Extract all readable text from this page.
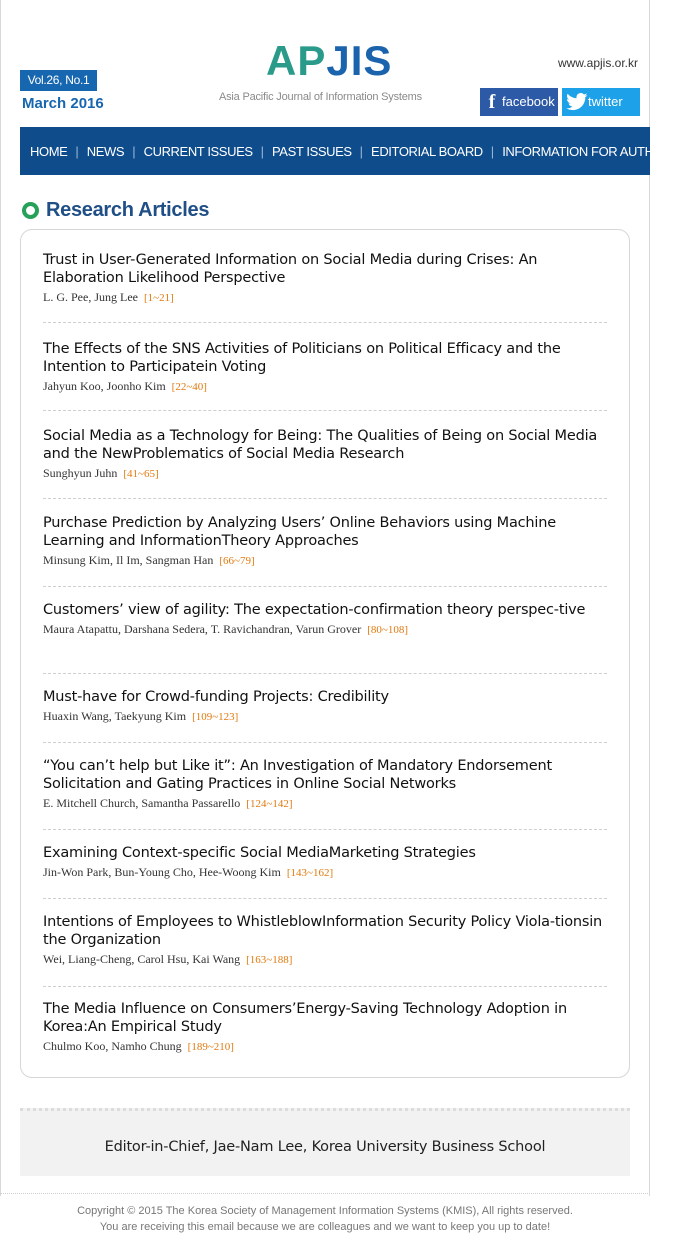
Vol.26, No.1
March 2016
APJIS
Asia Pacific Journal of Information Systems
www.apjis.or.kr
f facebook	twitter
HOME | NEWS | CURRENT ISSUES | PAST ISSUES | EDITORIAL BOARD | INFORMATION FOR AUTHORS
Research Articles
Trust in User-Generated Information on Social Media during Crises: An Elaboration Likelihood Perspective
L. G. Pee, Jung Lee [1~21]
The Effects of the SNS Activities of Politicians on Political Efficacy and the Intention to Participatein Voting
Jahyun Koo, Joonho Kim [22~40]
Social Media as a Technology for Being: The Qualities of Being on Social Media and the NewProblematics of Social Media Research
Sunghyun Juhn [41~65]
Purchase Prediction by Analyzing Users’ Online Behaviors using Machine Learning and InformationTheory Approaches
Minsung Kim, Il Im, Sangman Han [66~79]
Customers’ view of agility: The expectation-confirmation theory perspec-tive
Maura Atapattu, Darshana Sedera, T. Ravichandran, Varun Grover [80~108]
Must-have for Crowd-funding Projects: Credibility
Huaxin Wang, Taekyung Kim [109~123]
“You can’t help but Like it”: An Investigation of Mandatory Endorsement Solicitation and Gating Practices in Online Social Networks
E. Mitchell Church, Samantha Passarello [124~142]
Examining Context-specific Social MediaMarketing Strategies
Jin-Won Park, Bun-Young Cho, Hee-Woong Kim [143~162]
Intentions of Employees to WhistleblowInformation Security Policy Viola-tionsin the Organization
Wei, Liang-Cheng, Carol Hsu, Kai Wang [163~188]
The Media Influence on Consumers’Energy-Saving Technology Adoption in Korea:An Empirical Study
Chulmo Koo, Namho Chung [189~210]
Editor-in-Chief, Jae-Nam Lee, Korea University Business School
Copyright © 2015 The Korea Society of Management Information Systems (KMIS), All rights reserved.
You are receiving this email because we are colleagues and we want to keep you up to date!
